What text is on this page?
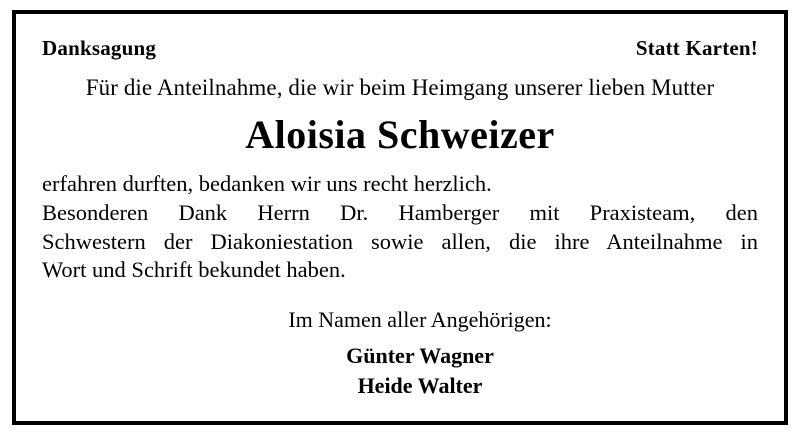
Danksagung	Statt Karten!
Für die Anteilnahme, die wir beim Heimgang unserer lieben Mutter
Aloisia Schweizer
erfahren durften, bedanken wir uns recht herzlich.
Besonderen Dank Herrn Dr. Hamberger mit Praxisteam, den
Schwestern der Diakoniestation sowie allen, die ihre Anteilnahme in
Wort und Schrift bekundet haben.
Im Namen aller Angehörigen:
Günter Wagner
Heide Walter
